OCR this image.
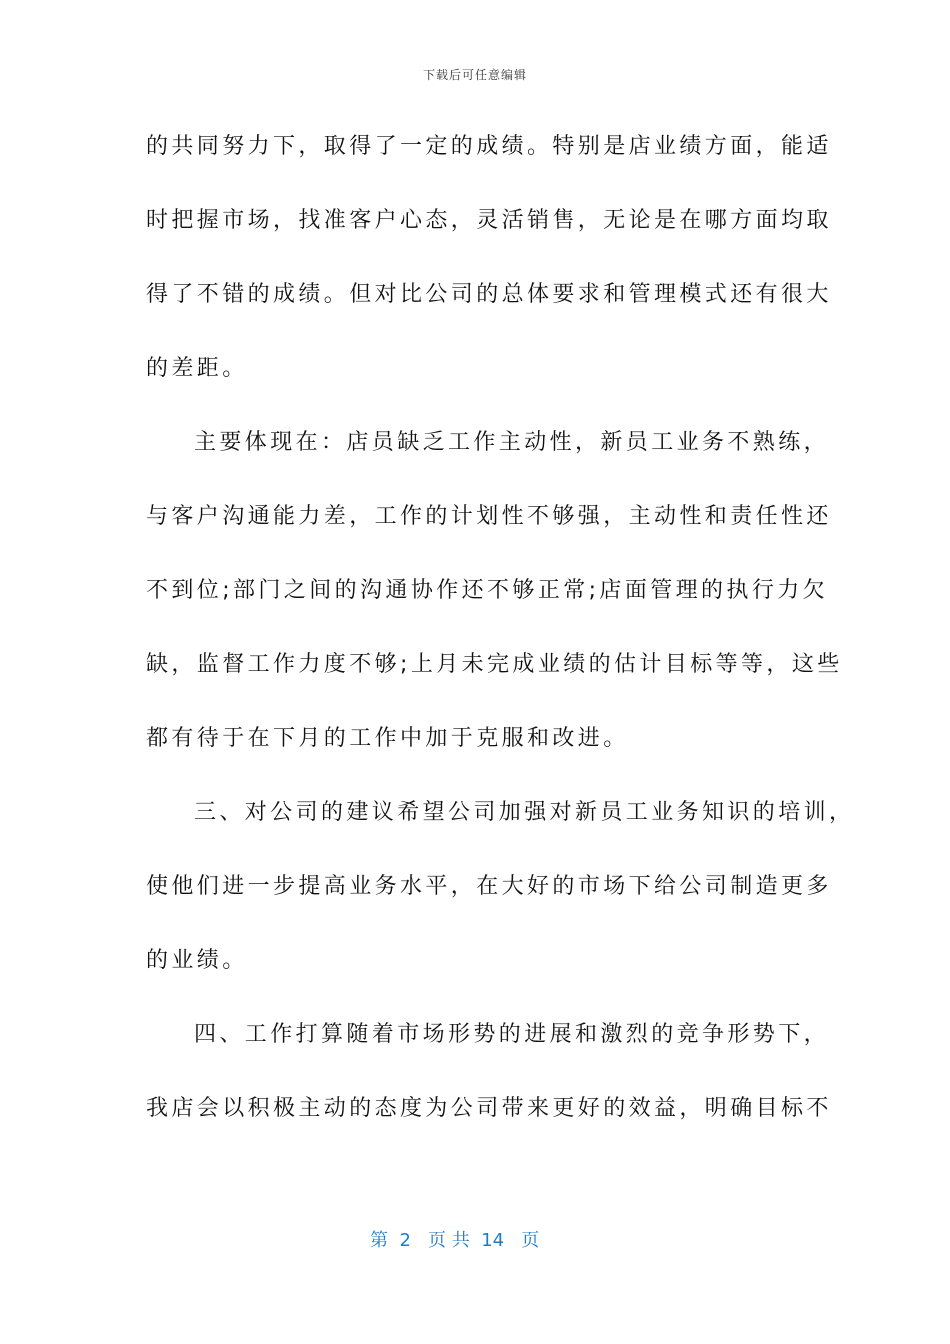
下载后可任意编辑
的共同努力下，取得了一定的成绩。特别是店业绩方面，能适
时把握市场，找准客户心态，灵活销售，无论是在哪方面均取
得了不错的成绩。但对比公司的总体要求和管理模式还有很大
的差距。
主要体现在：店员缺乏工作主动性，新员工业务不熟练，
与客户沟通能力差，工作的计划性不够强，主动性和责任性还
不到位;部门之间的沟通协作还不够正常;店面管理的执行力欠
缺，监督工作力度不够;上月未完成业绩的估计目标等等，这些
都有待于在下月的工作中加于克服和改进。
三、对公司的建议希望公司加强对新员工业务知识的培训，
使他们进一步提高业务水平，在大好的市场下给公司制造更多
的业绩。
四、工作打算随着市场形势的进展和激烈的竞争形势下，
我店会以积极主动的态度为公司带来更好的效益，明确目标不
第  2   页 共  14   页
